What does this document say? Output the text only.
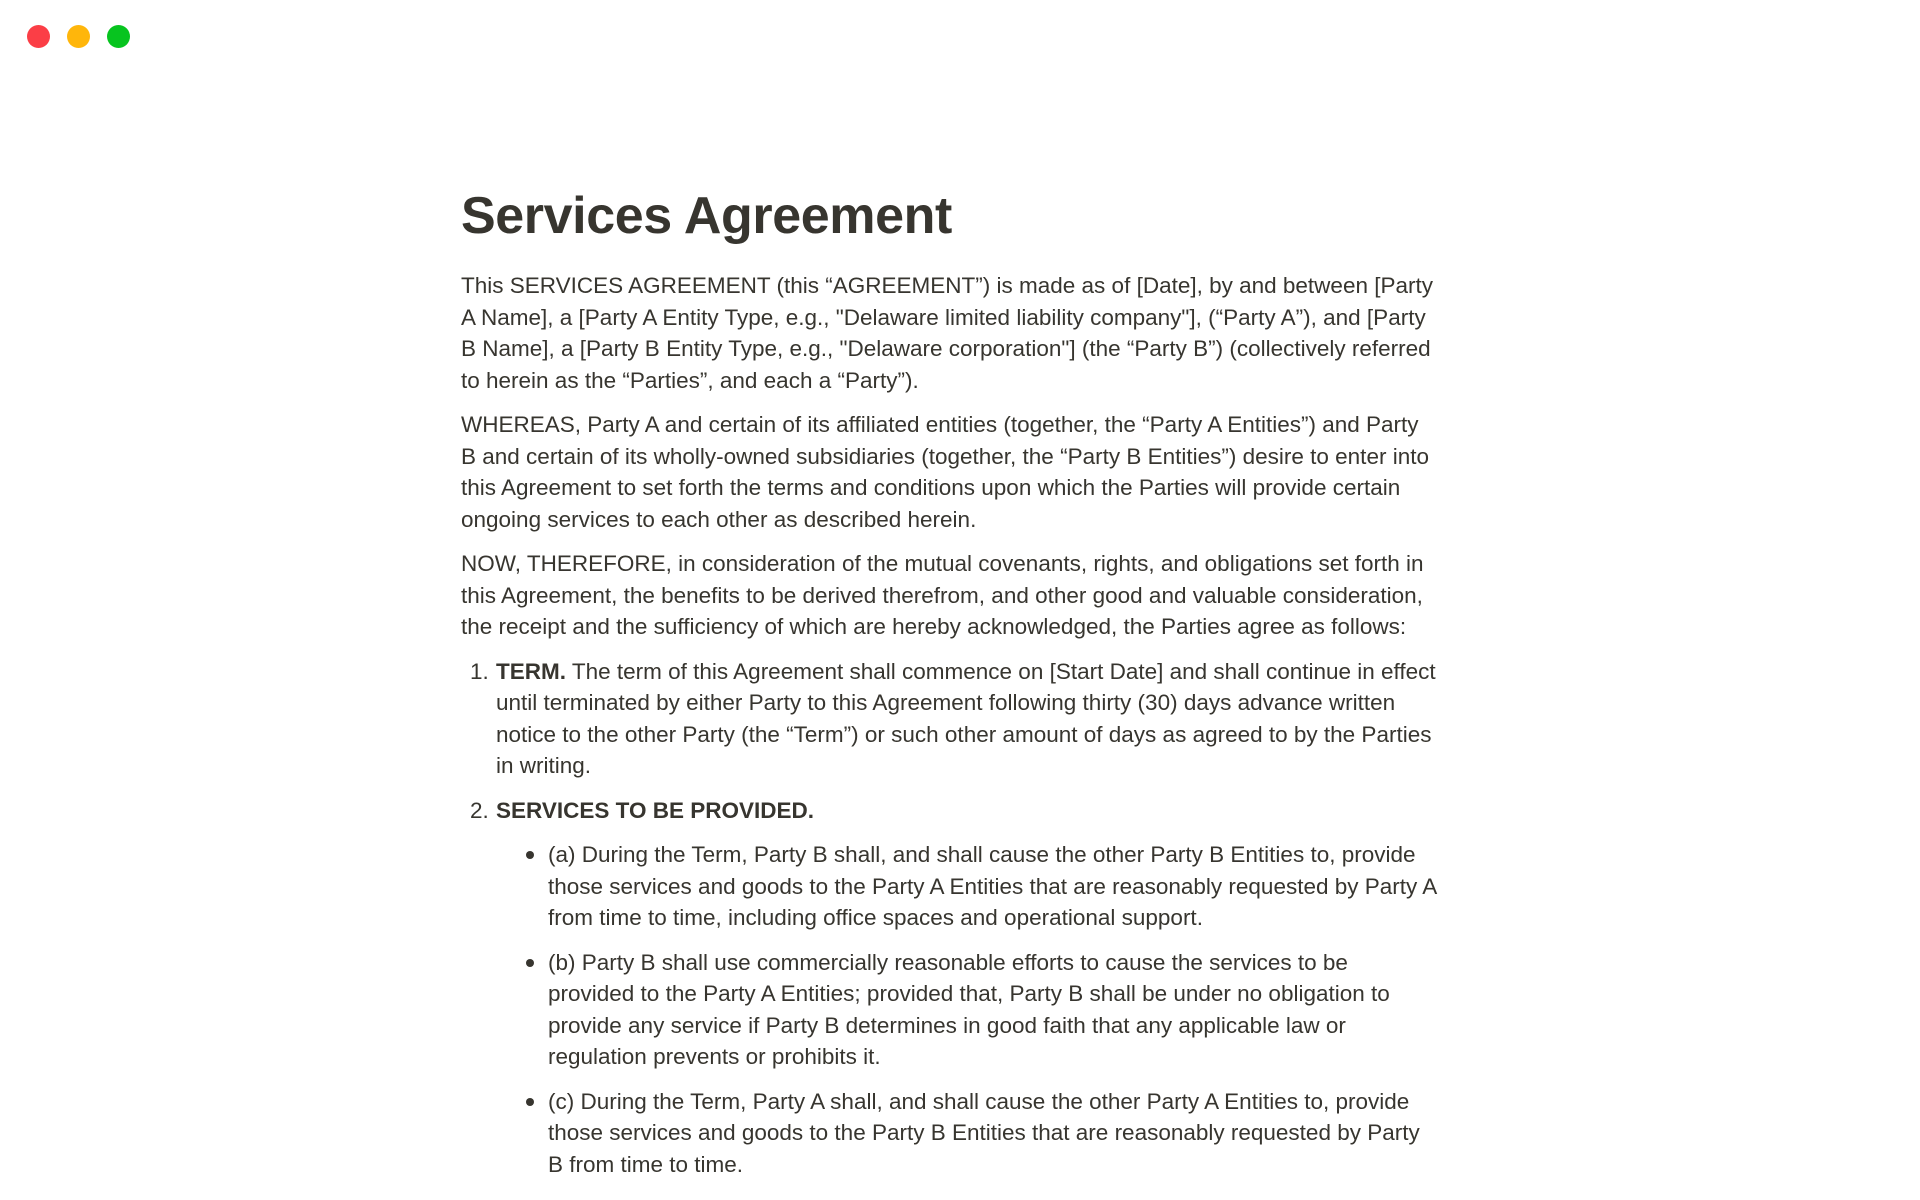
Services Agreement

This SERVICES AGREEMENT (this “AGREEMENT”) is made as of [Date], by and between [Party A Name], a [Party A Entity Type, e.g., "Delaware limited liability company"], (“Party A”), and [Party B Name], a [Party B Entity Type, e.g., "Delaware corporation"] (the “Party B”) (collectively referred to herein as the “Parties”, and each a “Party”).

WHEREAS, Party A and certain of its affiliated entities (together, the “Party A Entities”) and Party B and certain of its wholly-owned subsidiaries (together, the “Party B Entities”) desire to enter into this Agreement to set forth the terms and conditions upon which the Parties will provide certain ongoing services to each other as described herein.

NOW, THEREFORE, in consideration of the mutual covenants, rights, and obligations set forth in this Agreement, the benefits to be derived therefrom, and other good and valuable consideration, the receipt and the sufficiency of which are hereby acknowledged, the Parties agree as follows:

1. TERM. The term of this Agreement shall commence on [Start Date] and shall continue in effect until terminated by either Party to this Agreement following thirty (30) days advance written notice to the other Party (the “Term”) or such other amount of days as agreed to by the Parties in writing.
2. SERVICES TO BE PROVIDED.
(a) During the Term, Party B shall, and shall cause the other Party B Entities to, provide those services and goods to the Party A Entities that are reasonably requested by Party A from time to time, including office spaces and operational support.
(b) Party B shall use commercially reasonable efforts to cause the services to be provided to the Party A Entities; provided that, Party B shall be under no obligation to provide any service if Party B determines in good faith that any applicable law or regulation prevents or prohibits it.
(c) During the Term, Party A shall, and shall cause the other Party A Entities to, provide those services and goods to the Party B Entities that are reasonably requested by Party B from time to time.
